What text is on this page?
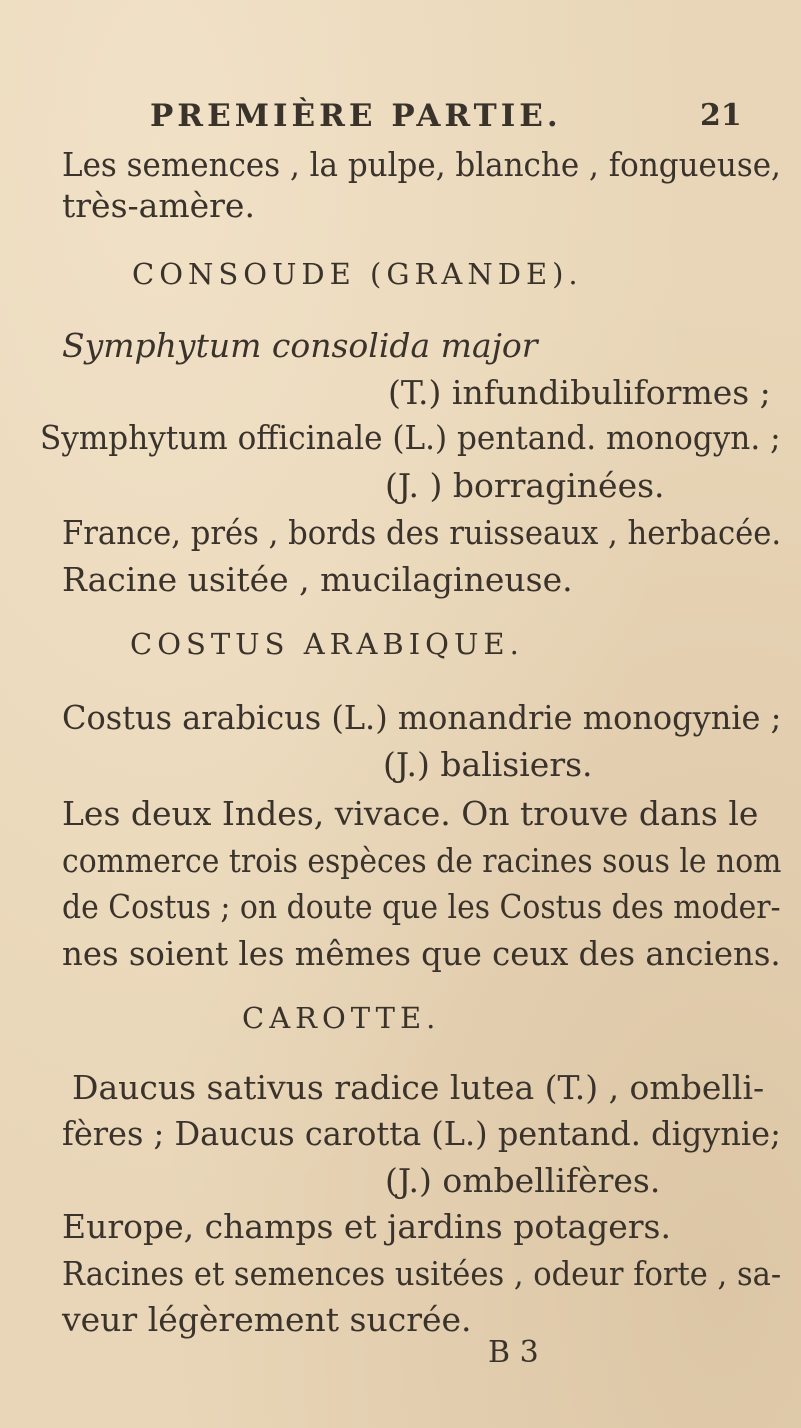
PREMIÈRE PARTIE.	21
Les semences , la pulpe, blanche , fongueuse,
très-amère.
CONSOUDE (GRANDE).
Symphytum consolida major
(T.) infundibuliformes ;
Symphytum officinale (L.) pentand. monogyn. ;
(J. ) borraginées.
France, prés , bords des ruisseaux , herbacée.
Racine usitée , mucilagineuse.
COSTUS ARABIQUE.
Costus arabicus (L.) monandrie monogynie ;
(J.) balisiers.
Les deux Indes, vivace. On trouve dans le
commerce trois espèces de racines sous le nom
de Costus ; on doute que les Costus des moder-
nes soient les mêmes que ceux des anciens.
CAROTTE.
Daucus sativus radice lutea (T.) , ombelli-
fères ; Daucus carotta (L.) pentand. digynie;
(J.) ombellifères.
Europe, champs et jardins potagers.
Racines et semences usitées , odeur forte , sa-
veur légèrement sucrée.
B 3
